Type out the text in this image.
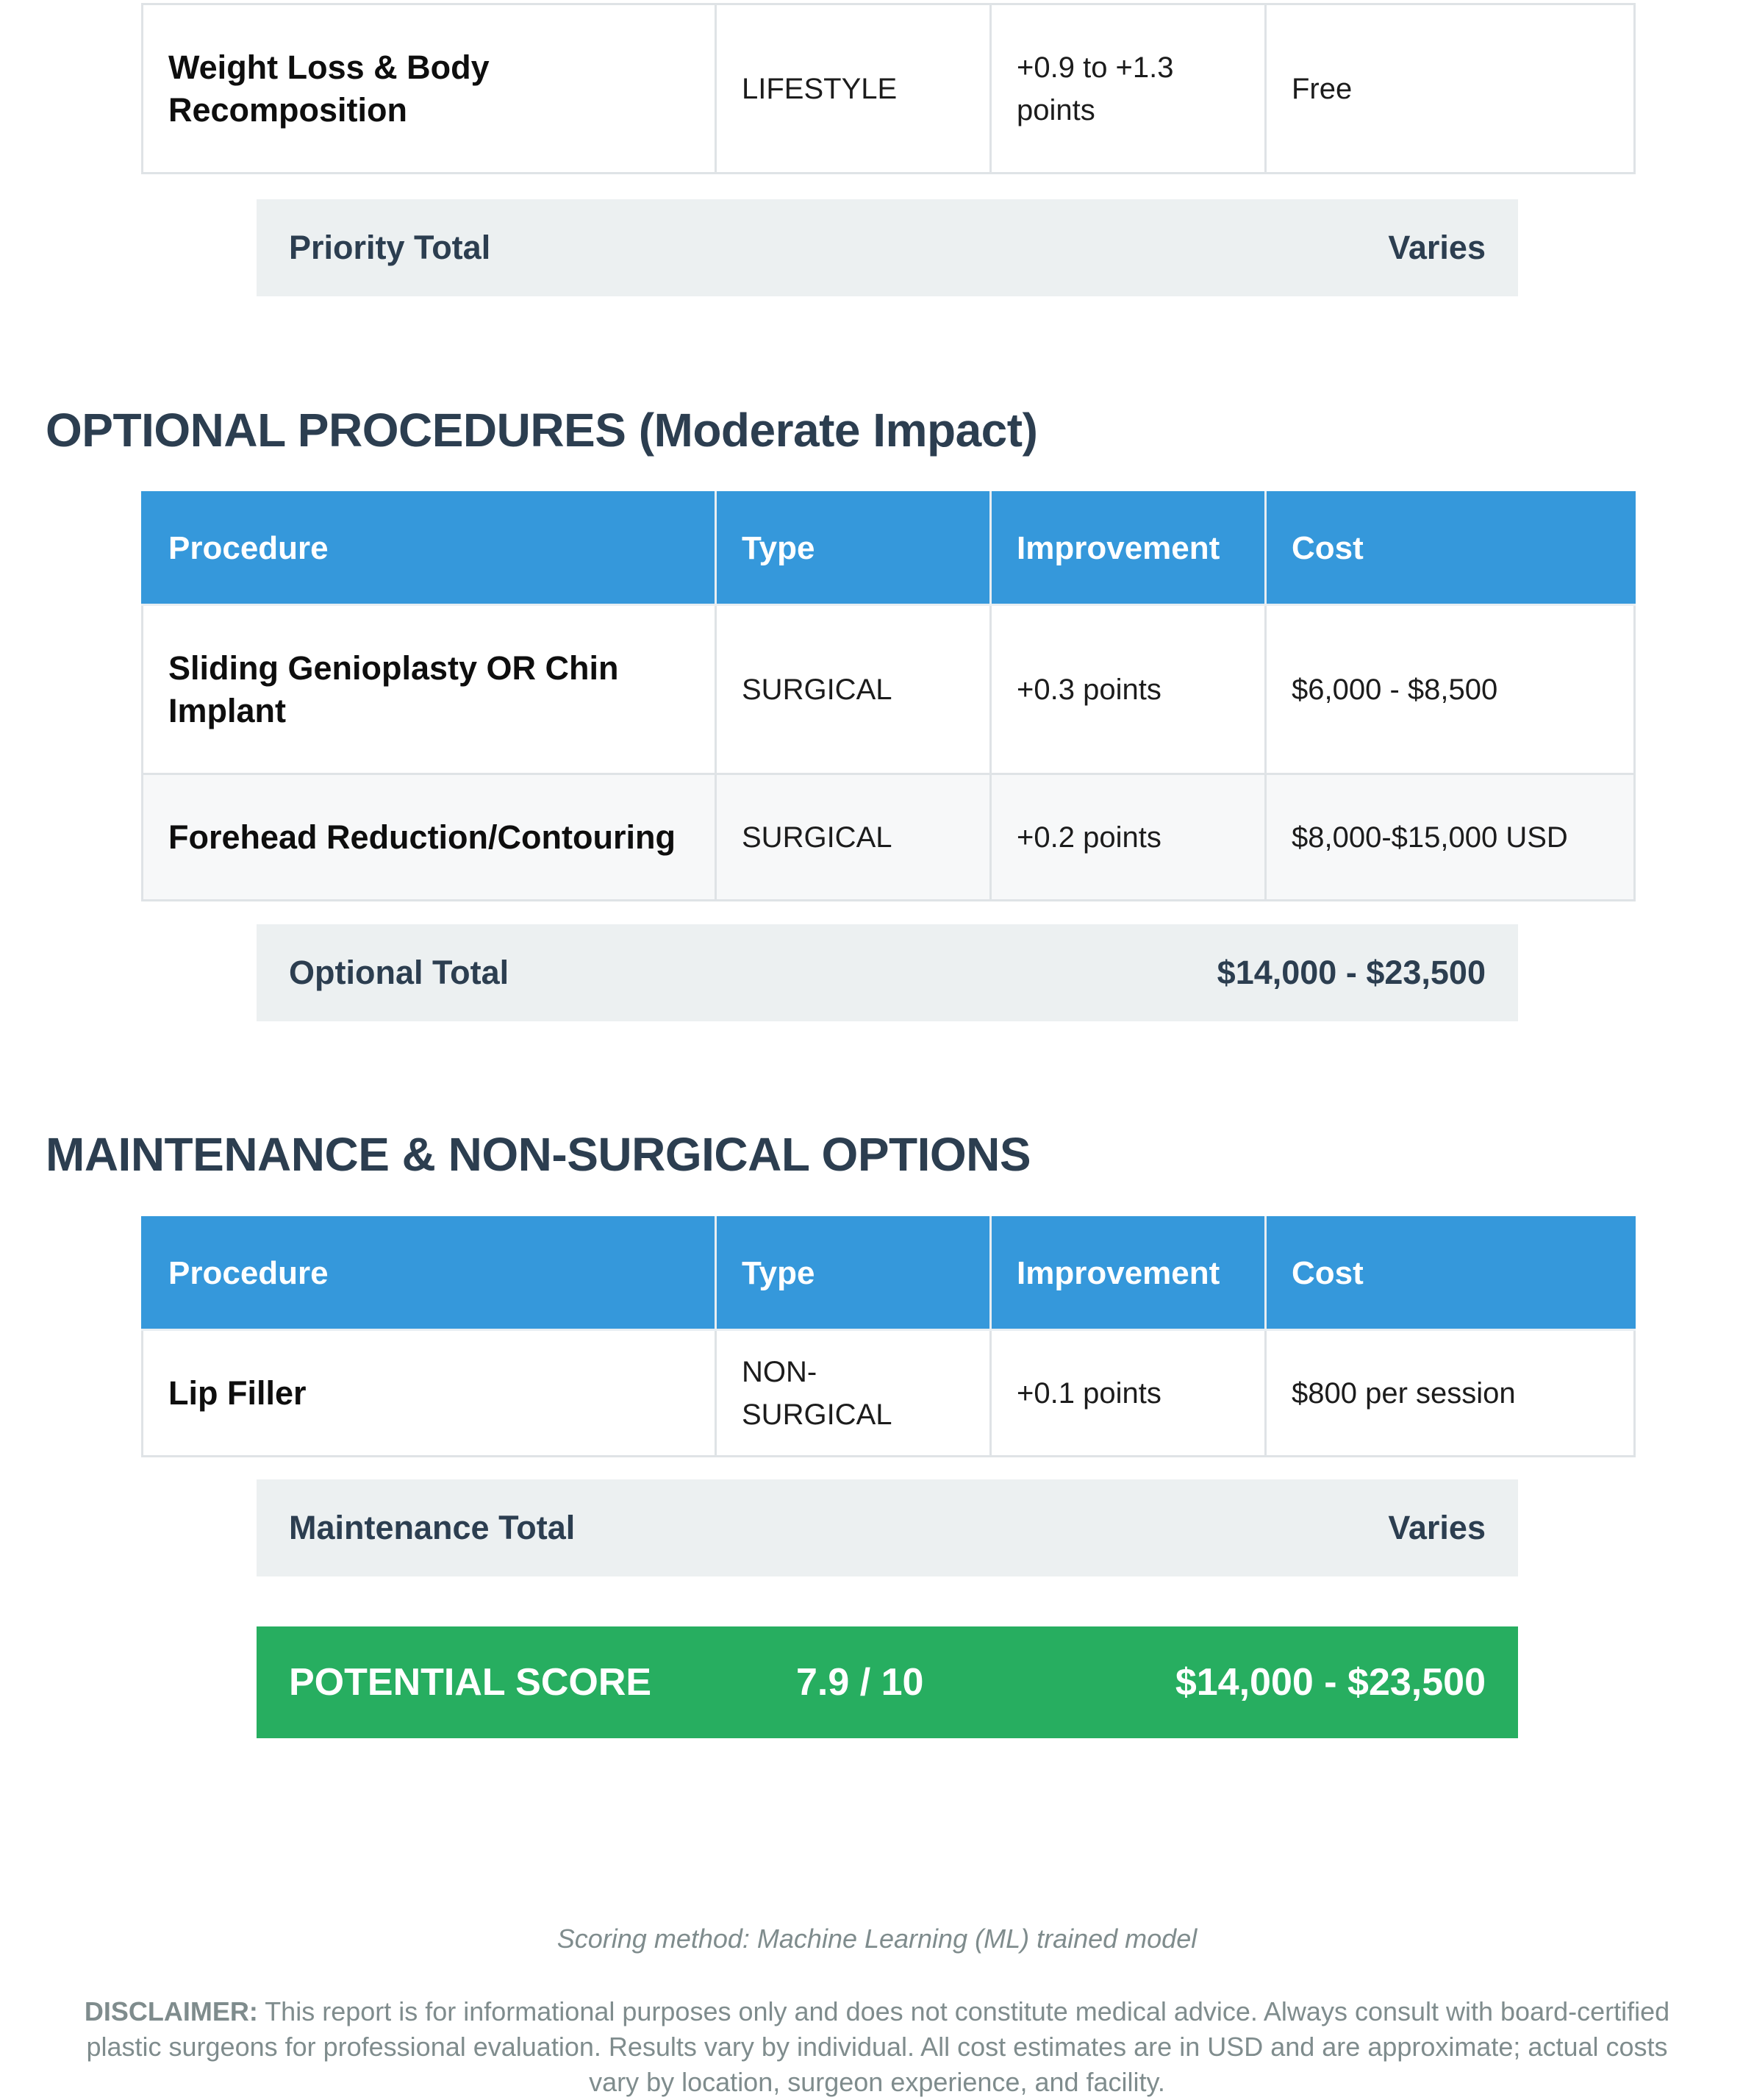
Weight Loss & Body Recomposition	LIFESTYLE	+0.9 to +1.3 points	Free
Priority Total	Varies
OPTIONAL PROCEDURES (Moderate Impact)
Procedure	Type	Improvement	Cost
Sliding Genioplasty OR Chin Implant	SURGICAL	+0.3 points	$6,000 - $8,500
Forehead Reduction/Contouring	SURGICAL	+0.2 points	$8,000-$15,000 USD
Optional Total	$14,000 - $23,500
MAINTENANCE & NON-SURGICAL OPTIONS
Procedure	Type	Improvement	Cost
Lip Filler	NON-SURGICAL	+0.1 points	$800 per session
Maintenance Total	Varies
POTENTIAL SCORE	7.9 / 10	$14,000 - $23,500
Scoring method: Machine Learning (ML) trained model
DISCLAIMER: This report is for informational purposes only and does not constitute medical advice. Always consult with board-certified plastic surgeons for professional evaluation. Results vary by individual. All cost estimates are in USD and are approximate; actual costs vary by location, surgeon experience, and facility.
